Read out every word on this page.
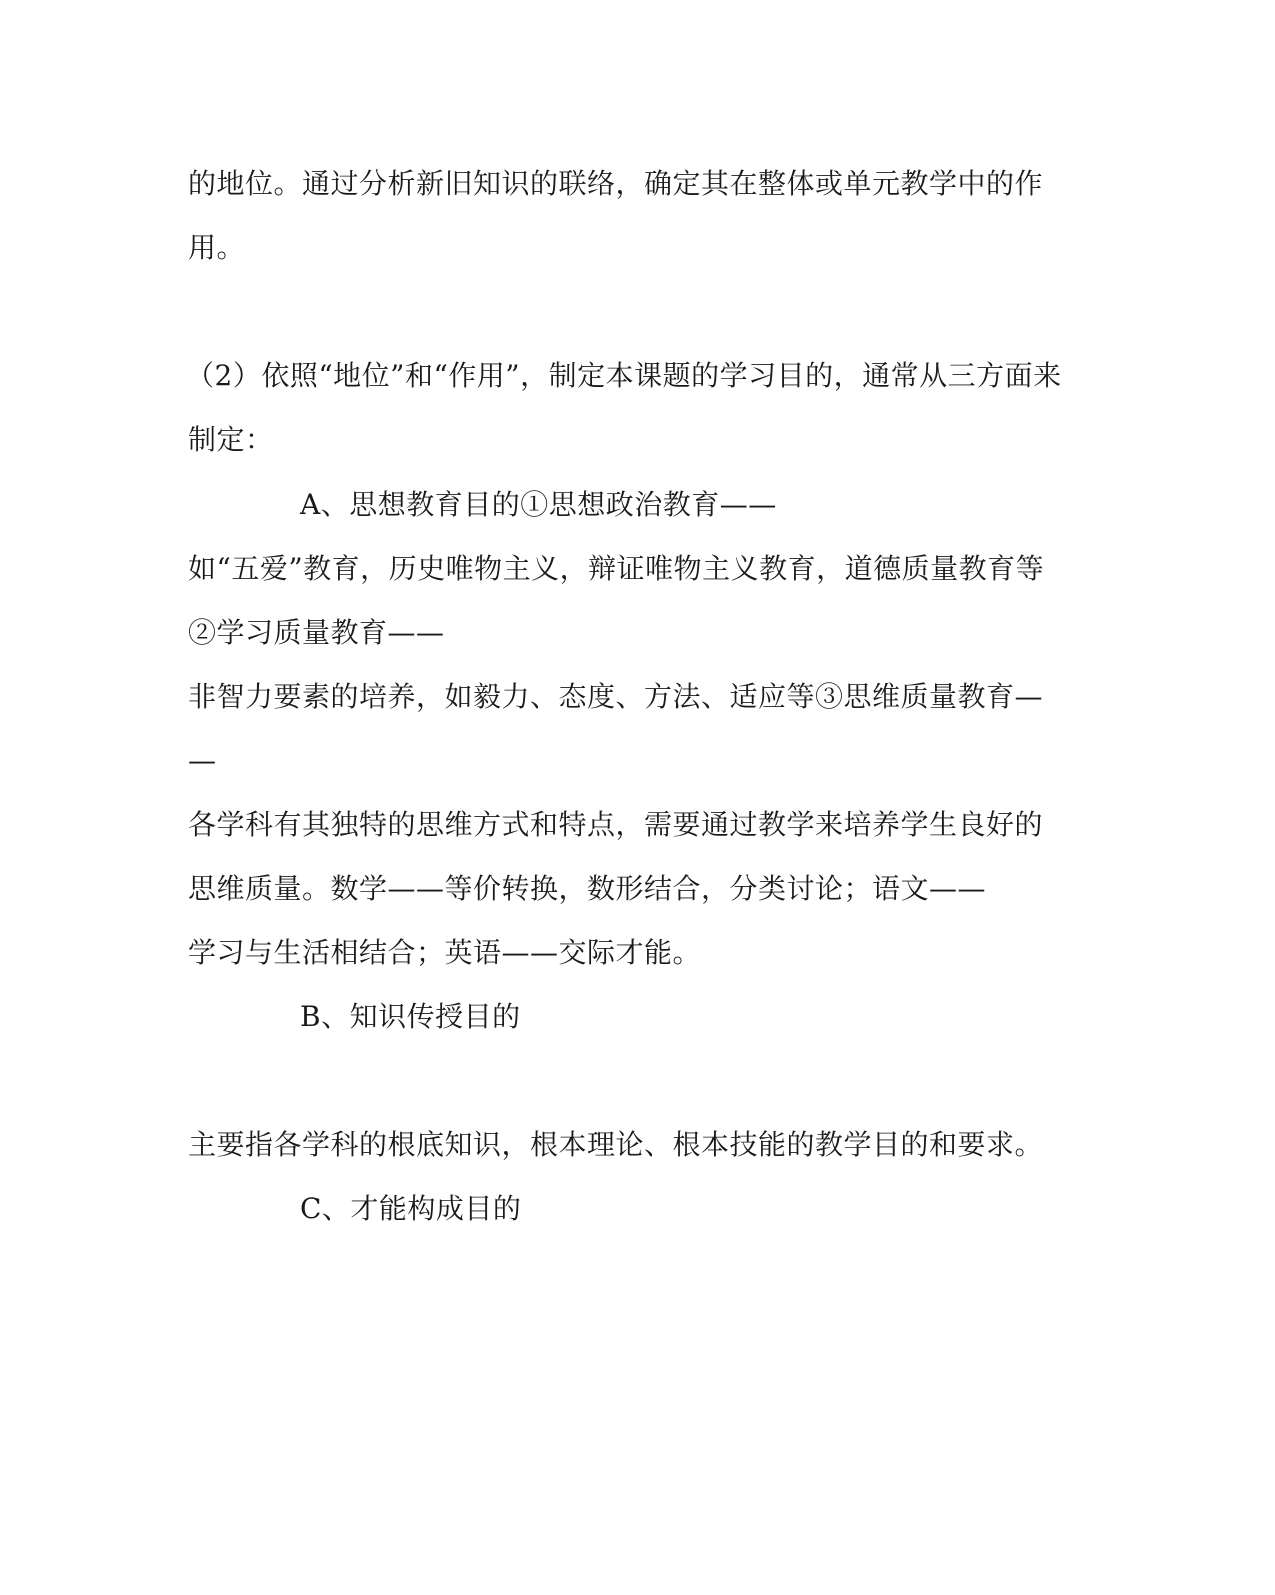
的地位。通过分析新旧知识的联络，确定其在整体或单元教学中的作
用。
（2）依照“地位”和“作用”，制定本课题的学习目的，通常从三方面来
制定：
A、思想教育目的①思想政治教育——
如“五爱”教育，历史唯物主义，辩证唯物主义教育，道德质量教育等
②学习质量教育——
非智力要素的培养，如毅力、态度、方法、适应等③思维质量教育—
—
各学科有其独特的思维方式和特点，需要通过教学来培养学生良好的
思维质量。数学——等价转换，数形结合，分类讨论；语文——
学习与生活相结合；英语——交际才能。
B、知识传授目的
主要指各学科的根底知识，根本理论、根本技能的教学目的和要求。
C、才能构成目的
